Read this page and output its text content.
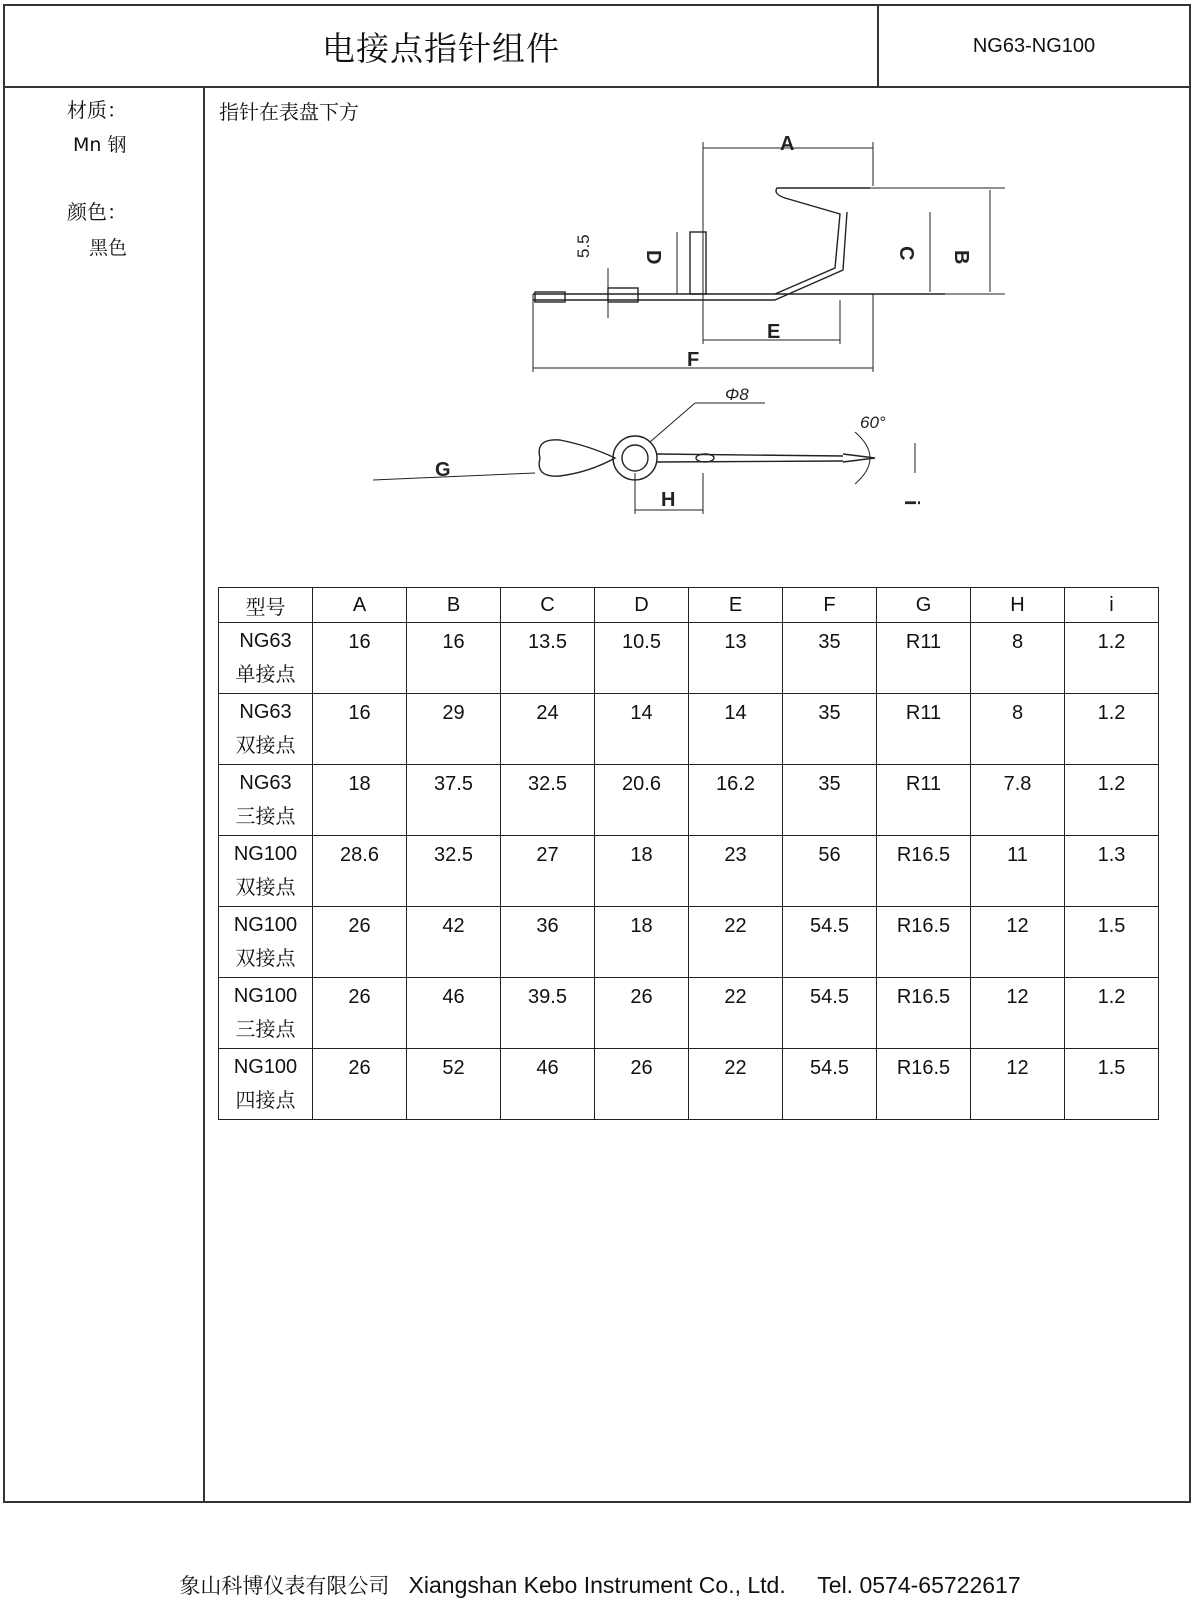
电接点指针组件	NG63-NG100
材质：
Mn 钢
颜色：
黑色
指针在表盘下方
A
B
C
D
5.5
E
F
G
H	i
Φ8
60°
型号	A	B	C	D	E	F	G	H	i

NG63
单接点	16	16	13.5	10.5	13	35	R11	8	1.2

NG63
双接点	16	29	24	14	14	35	R11	8	1.2

NG63
三接点	18	37.5	32.5	20.6	16.2	35	R11	7.8	1.2

NG100
双接点	28.6	32.5	27	18	23	56	R16.5	11	1.3

NG100
双接点	26	42	36	18	22	54.5	R16.5	12	1.5

NG100
三接点	26	46	39.5	26	22	54.5	R16.5	12	1.2

NG100
四接点	26	52	46	26	22	54.5	R16.5	12	1.5
象山科博仪表有限公司 Xiangshan Kebo Instrument Co., Ltd. Tel. 0574-65722617
